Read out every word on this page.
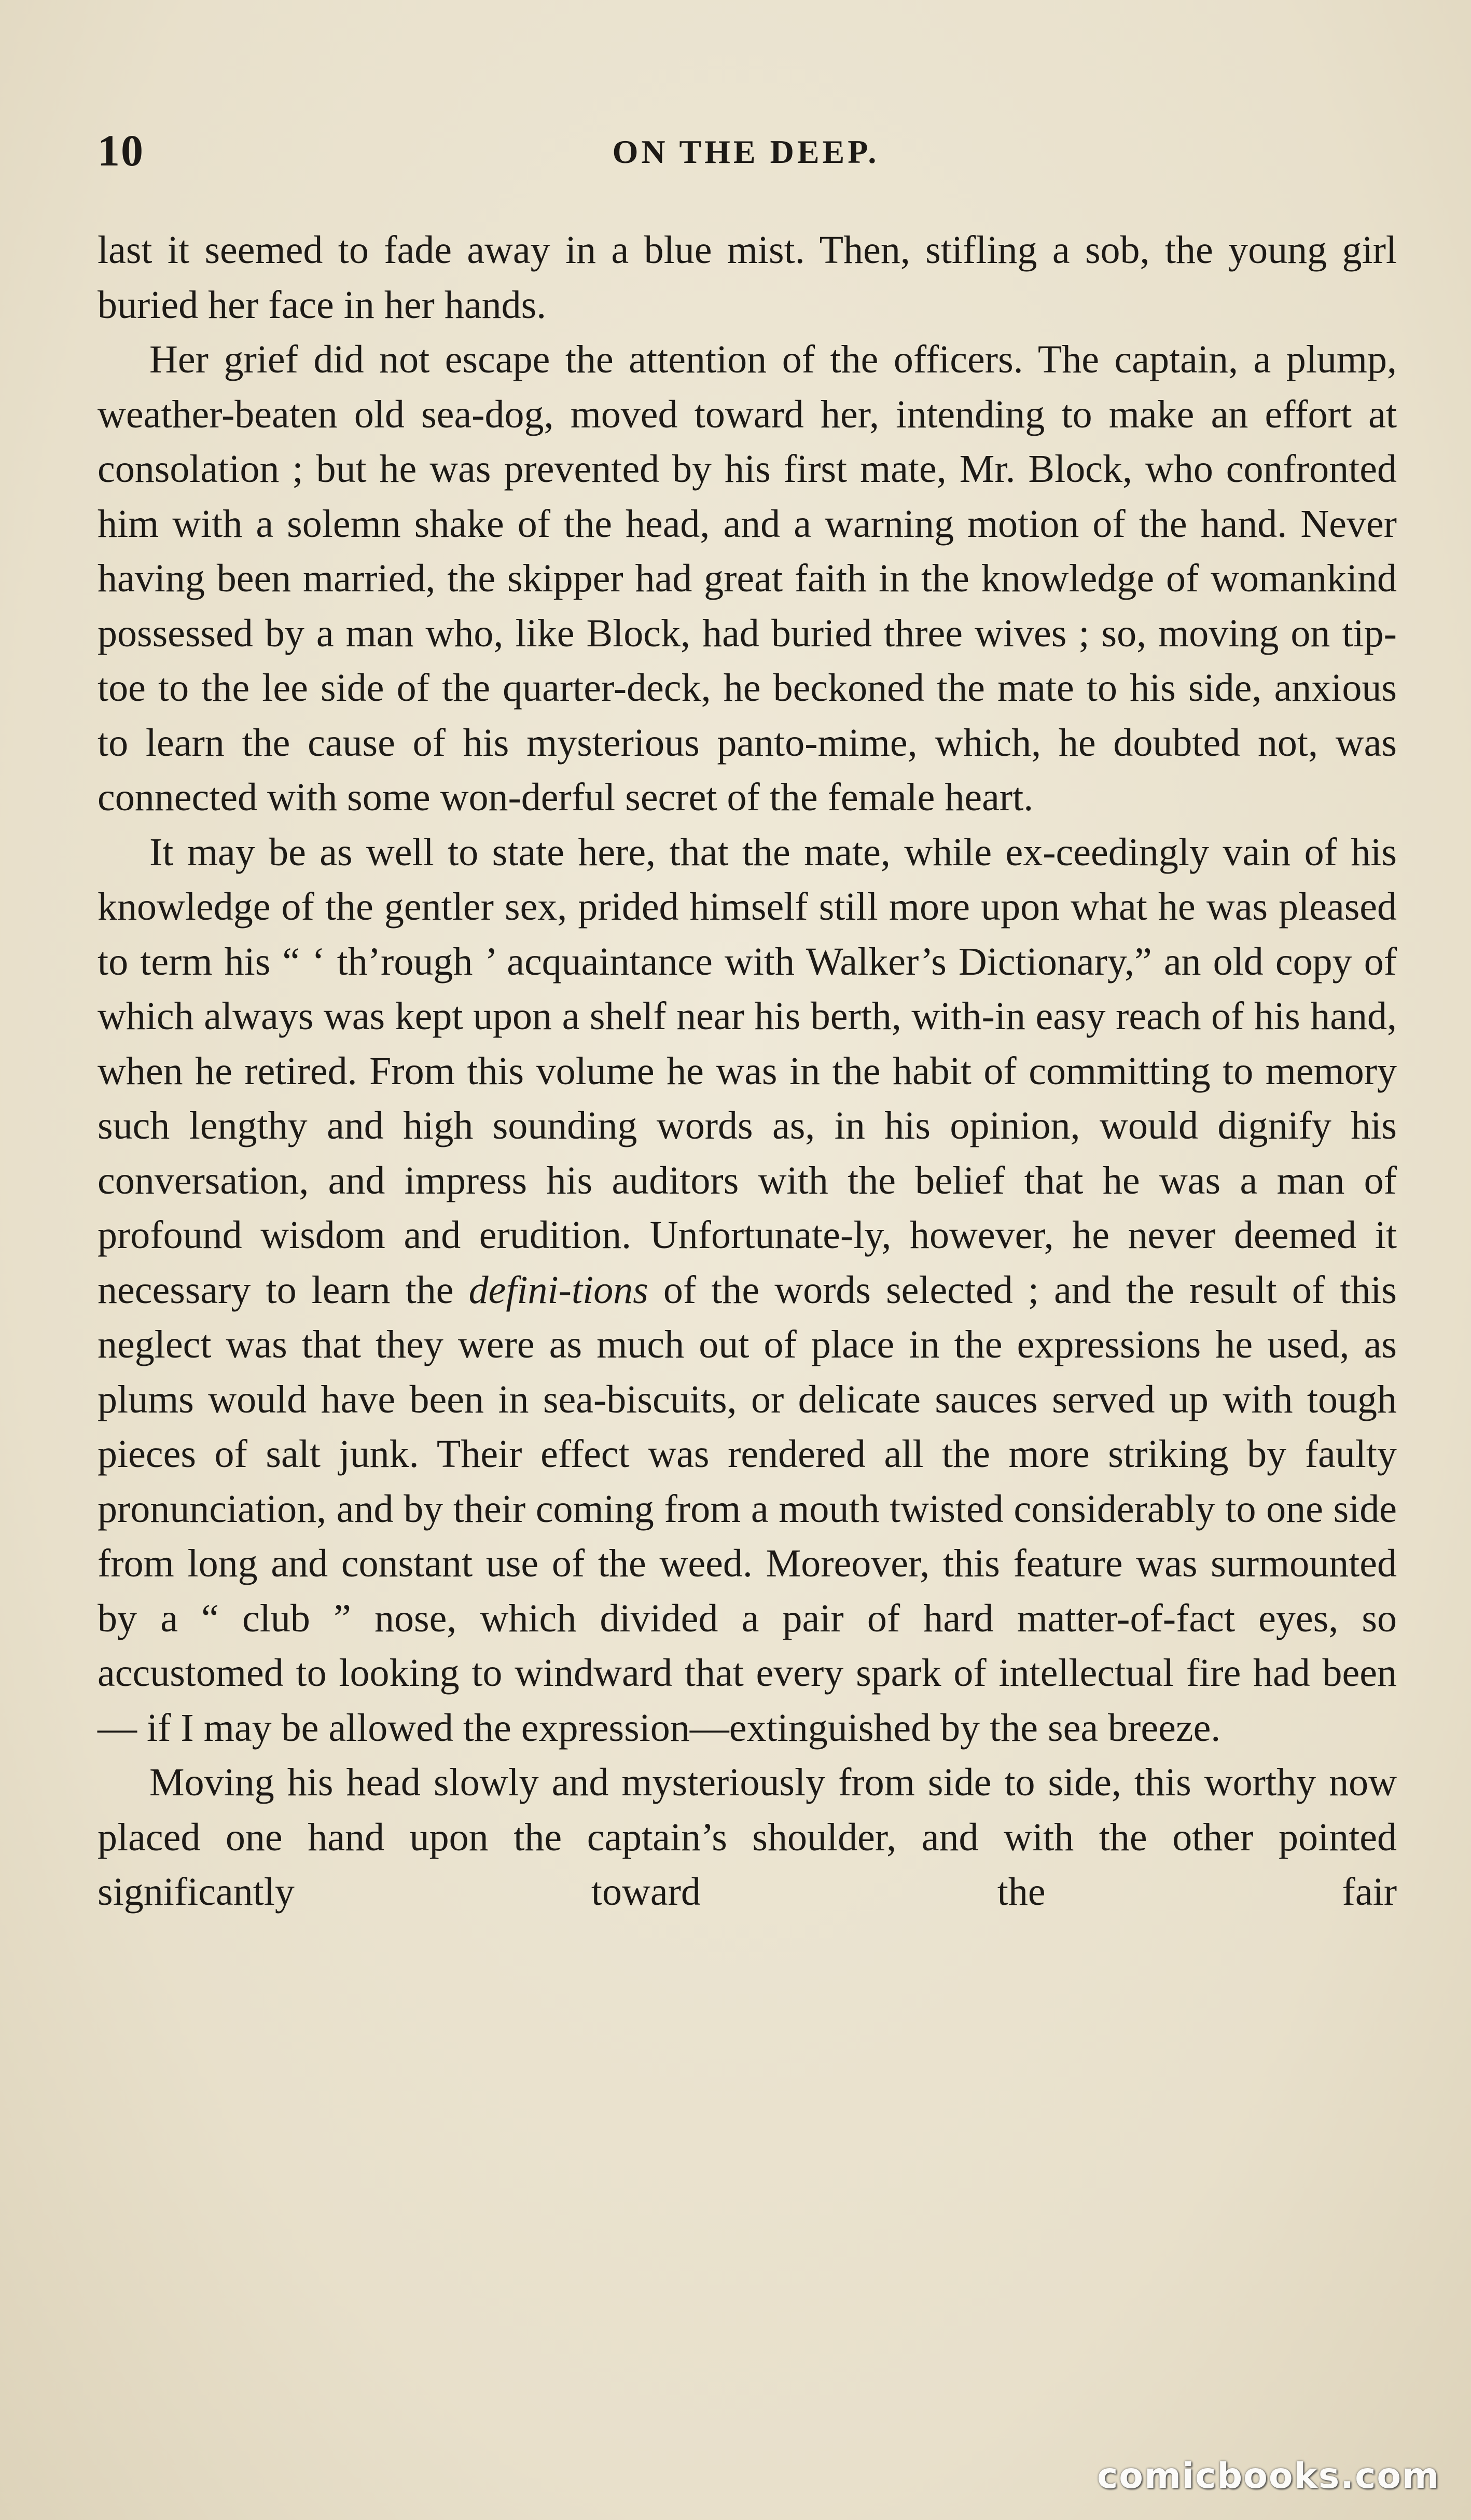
10	ON THE DEEP.

last it seemed to fade away in a blue mist. Then, stifling a sob, the young girl buried her face in her hands.

Her grief did not escape the attention of the officers. The captain, a plump, weather-beaten old sea-dog, moved toward her, intending to make an effort at consolation ; but he was prevented by his first mate, Mr. Block, who confronted him with a solemn shake of the head, and a warning motion of the hand. Never having been married, the skipper had great faith in the knowledge of womankind possessed by a man who, like Block, had buried three wives ; so, moving on tip-toe to the lee side of the quarter-deck, he beckoned the mate to his side, anxious to learn the cause of his mysterious panto-mime, which, he doubted not, was connected with some won-derful secret of the female heart.

It may be as well to state here, that the mate, while ex-ceedingly vain of his knowledge of the gentler sex, prided himself still more upon what he was pleased to term his “ ‘ th’rough ’ acquaintance with Walker’s Dictionary,” an old copy of which always was kept upon a shelf near his berth, with-in easy reach of his hand, when he retired. From this volume he was in the habit of committing to memory such lengthy and high sounding words as, in his opinion, would dignify his conversation, and impress his auditors with the belief that he was a man of profound wisdom and erudition. Unfortunate-ly, however, he never deemed it necessary to learn the defini-tions of the words selected ; and the result of this neglect was that they were as much out of place in the expressions he used, as plums would have been in sea-biscuits, or delicate sauces served up with tough pieces of salt junk. Their effect was rendered all the more striking by faulty pronunciation, and by their coming from a mouth twisted considerably to one side from long and constant use of the weed. Moreover, this feature was surmounted by a “ club ” nose, which divided a pair of hard matter-of-fact eyes, so accustomed to looking to windward that every spark of intellectual fire had been— if I may be allowed the expression—extinguished by the sea breeze.

Moving his head slowly and mysteriously from side to side, this worthy now placed one hand upon the captain’s shoulder, and with the other pointed significantly toward the fair

comicbooks.com
